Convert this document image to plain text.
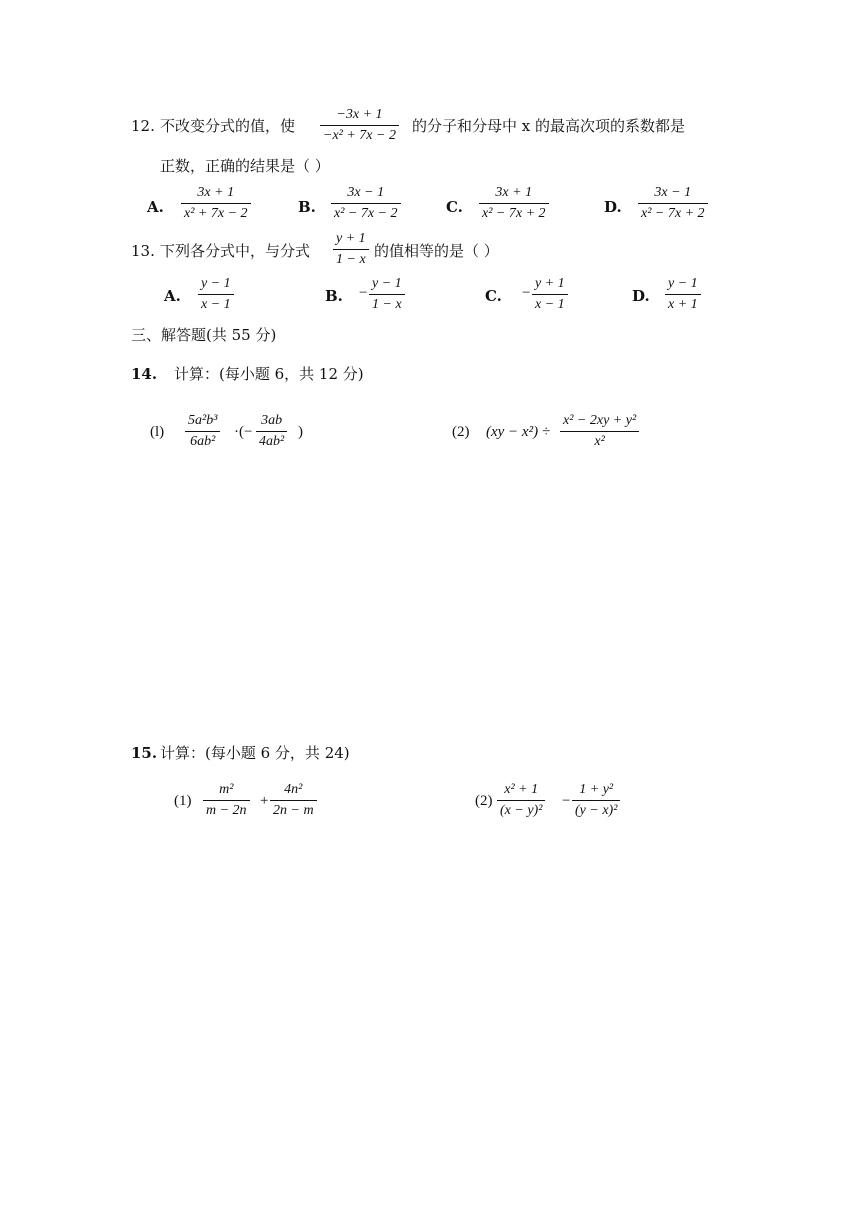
12. 不改变分式的值，使
−3x + 1
−x² + 7x − 2
的分子和分母中 x 的最高次项的系数都是
正数，正确的结果是（ ）
A.
3x + 1
x² + 7x − 2	B.
3x − 1
x² − 7x − 2	C.
3x + 1
x² − 7x + 2	D.
3x − 1
x² − 7x + 2
13. 下列各分式中，与分式
y + 1
1 − x 的值相等的是（ ）
A.
y − 1
x − 1	B. −
y − 1
1 − x	C. −
y + 1
x − 1	D.
y − 1
x + 1
三、解答题(共 55 分)
14. 计算：(每小题 6，共 12 分)
(l)
5a²b³
6ab²
·(−
3ab
4ab²
)	(2) (xy − x²) ÷
x² − 2xy + y²
x²
15. 计算：(每小题 6 分，共 24)
(1)
m²
m − 2n
+
4n²
2n − m
(2)
x² + 1
(x − y)²
−
1 + y²
(y − x)²
